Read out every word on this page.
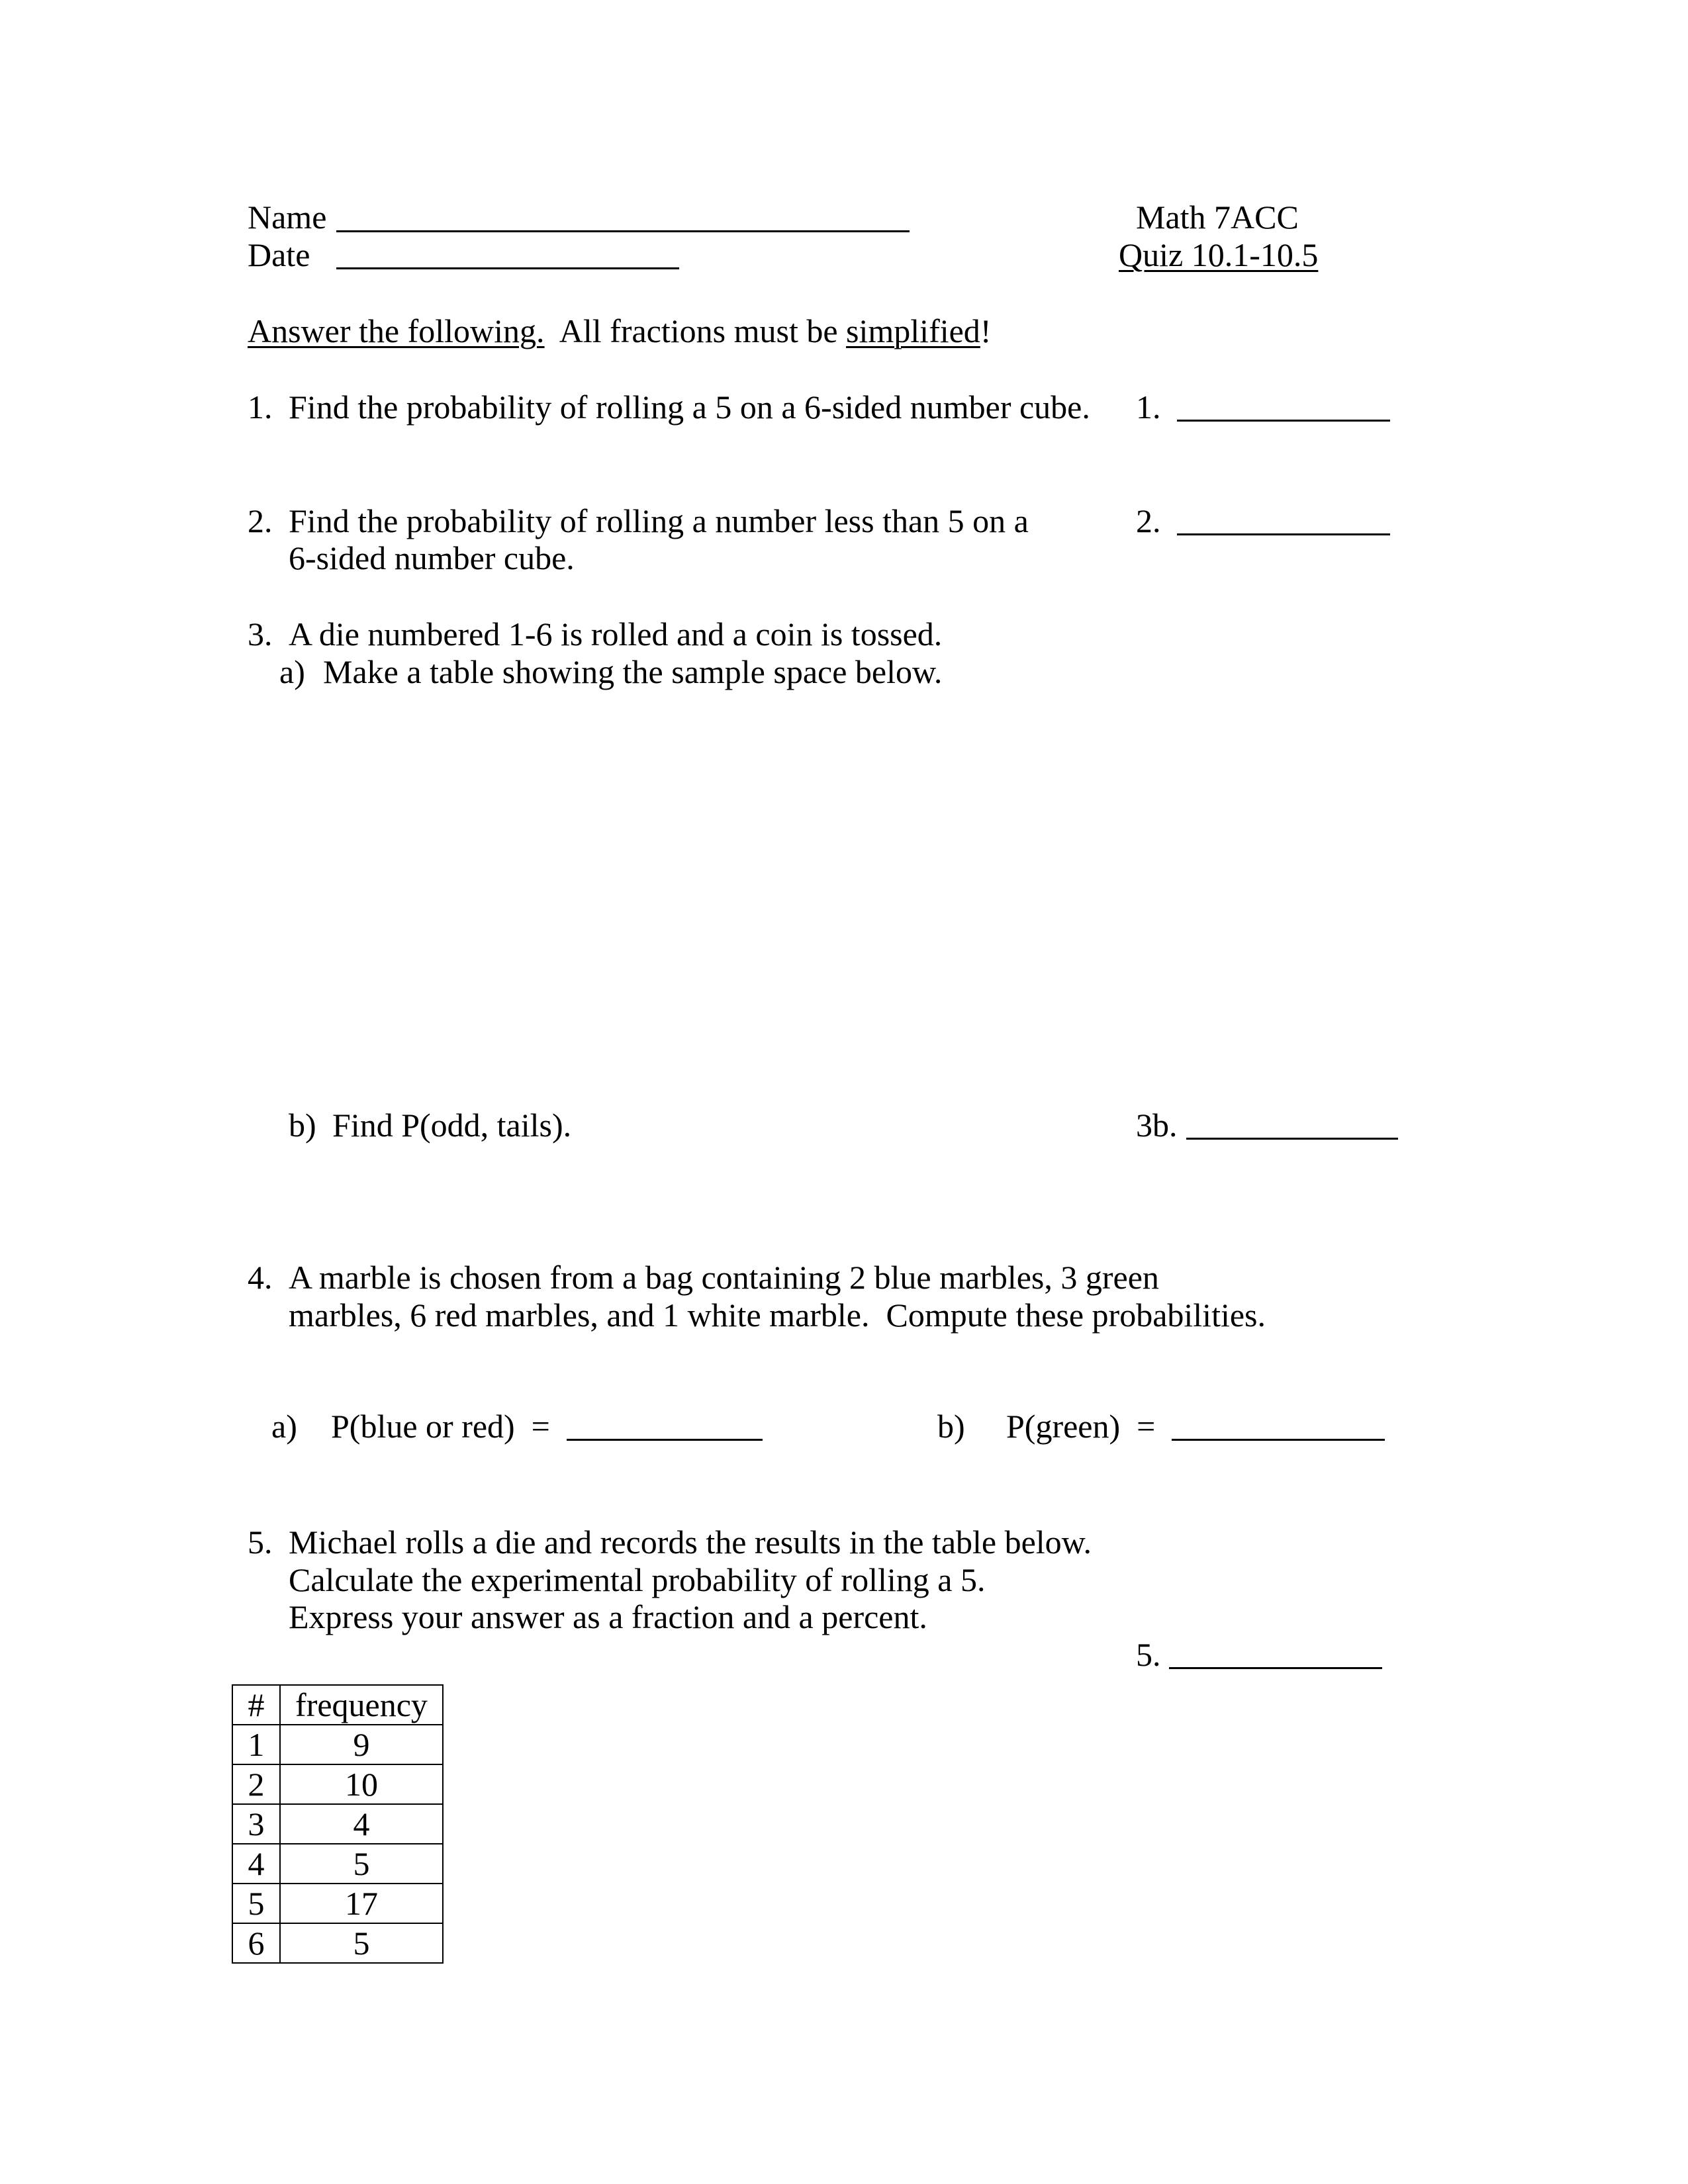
Name
Date
Math 7ACC
Quiz 10.1-10.5
Answer the following.  All fractions must be simplified!
1. Find the probability of rolling a 5 on a 6-sided number cube. 1.
2. Find the probability of rolling a number less than 5 on a
6-sided number cube.
2.
3. A die numbered 1-6 is rolled and a coin is tossed.
a) Make a table showing the sample space below.
b) Find P(odd, tails).	3b.
4. A marble is chosen from a bag containing 2 blue marbles, 3 green
marbles, 6 red marbles, and 1 white marble.  Compute these probabilities.
a) P(blue or red)  =	b) P(green)  =
5. Michael rolls a die and records the results in the table below.
Calculate the experimental probability of rolling a 5.
Express your answer as a fraction and a percent.
5.
#	frequency
1	9
2	10
3	4
4	5
5	17
6	5
